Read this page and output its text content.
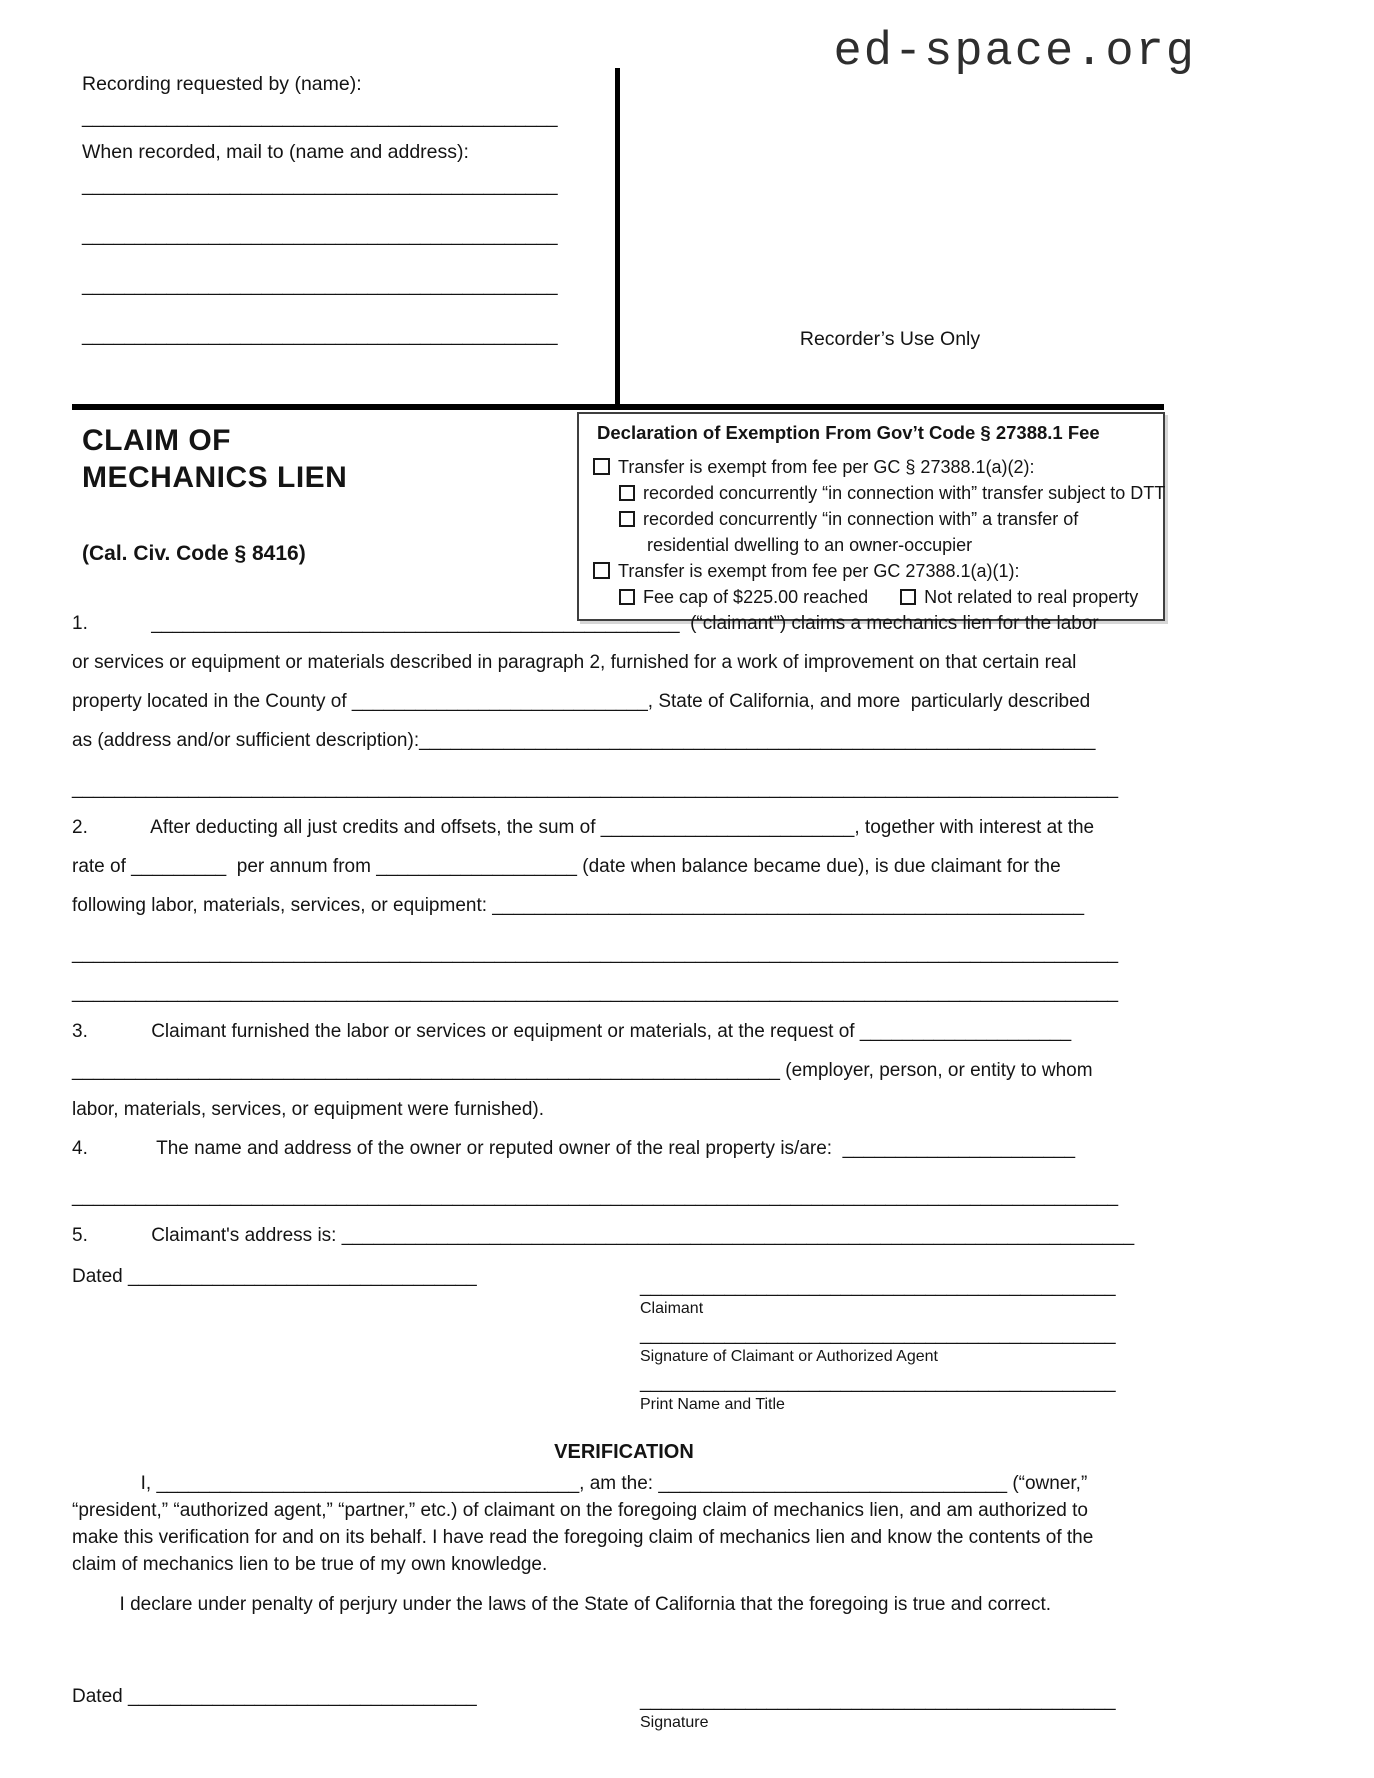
Recording requested by (name):
_____________________________________________
When recorded, mail to (name and address):
_____________________________________________
_____________________________________________
_____________________________________________
_____________________________________________
ed-space.org
Recorder’s Use Only
CLAIM OF
MECHANICS LIEN
(Cal. Civ. Code § 8416)
Declaration of Exemption From Gov’t Code § 27388.1 Fee
Transfer is exempt from fee per GC § 27388.1(a)(2):
recorded concurrently “in connection with” transfer subject to DTT
recorded concurrently “in connection with” a transfer of
residential dwelling to an owner-occupier
Transfer is exempt from fee per GC 27388.1(a)(1):
Fee cap of $225.00 reached	Not related to real property
1.            __________________________________________________  (“claimant”) claims a mechanics lien for the labor
or services or equipment or materials described in paragraph 2, furnished for a work of improvement on that certain real
property located in the County of ____________________________, State of California, and more  particularly described
as (address and/or sufficient description):________________________________________________________________
___________________________________________________________________________________________________
2.            After deducting all just credits and offsets, the sum of ________________________, together with interest at the
rate of _________  per annum from ___________________ (date when balance became due), is due claimant for the
following labor, materials, services, or equipment: ________________________________________________________
___________________________________________________________________________________________________
___________________________________________________________________________________________________
3.            Claimant furnished the labor or services or equipment or materials, at the request of ____________________
___________________________________________________________________ (employer, person, or entity to whom
labor, materials, services, or equipment were furnished).
4.             The name and address of the owner or reputed owner of the real property is/are:  ______________________
___________________________________________________________________________________________________
5.            Claimant's address is: ___________________________________________________________________________
Dated _________________________________	_____________________________________________
Claimant
_____________________________________________
Signature of Claimant or Authorized Agent
_____________________________________________
Print Name and Title
VERIFICATION
I, ________________________________________, am the: _________________________________ (“owner,”
“president,” “authorized agent,” “partner,” etc.) of claimant on the foregoing claim of mechanics lien, and am authorized to
make this verification for and on its behalf. I have read the foregoing claim of mechanics lien and know the contents of the
claim of mechanics lien to be true of my own knowledge.
I declare under penalty of perjury under the laws of the State of California that the foregoing is true and correct.
Dated _________________________________	_____________________________________________
Signature
